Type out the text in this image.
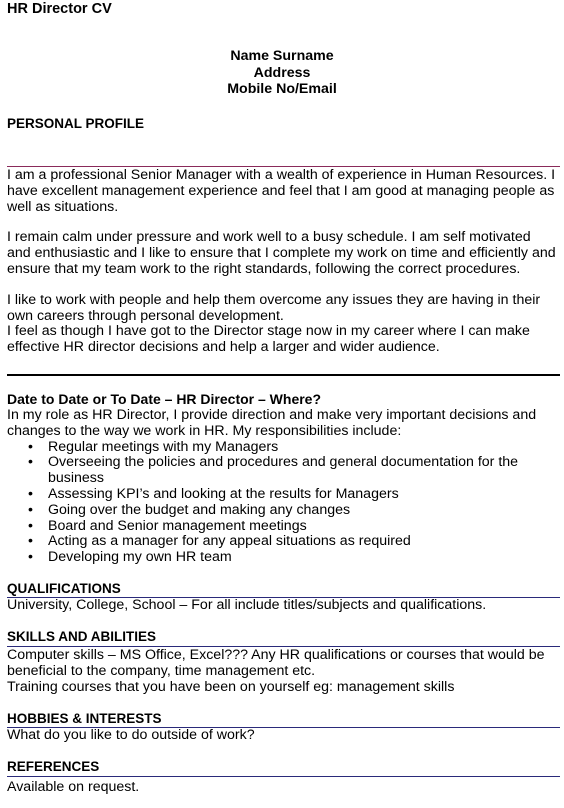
HR Director CV
Name Surname
Address
Mobile No/Email
PERSONAL PROFILE

I am a professional Senior Manager with a wealth of experience in Human Resources. I have excellent management experience and feel that I am good at managing people as well as situations.

I remain calm under pressure and work well to a busy schedule. I am self motivated and enthusiastic and I like to ensure that I complete my work on time and efficiently and ensure that my team work to the right standards, following the correct procedures.

I like to work with people and help them overcome any issues they are having in their own careers through personal development.

I feel as though I have got to the Director stage now in my career where I can make effective HR director decisions and help a larger and wider audience.

Date to Date or To Date – HR Director – Where?
In my role as HR Director, I provide direction and make very important decisions and changes to the way we work in HR. My responsibilities include:
• Regular meetings with my Managers
• Overseeing the policies and procedures and general documentation for the business
• Assessing KPI’s and looking at the results for Managers
• Going over the budget and making any changes
• Board and Senior management meetings
• Acting as a manager for any appeal situations as required
• Developing my own HR team
QUALIFICATIONS
University, College, School – For all include titles/subjects and qualifications.
SKILLS AND ABILITIES
Computer skills – MS Office, Excel??? Any HR qualifications or courses that would be beneficial to the company, time management etc.
Training courses that you have been on yourself eg: management skills
HOBBIES & INTERESTS
What do you like to do outside of work?
REFERENCES
Available on request.
